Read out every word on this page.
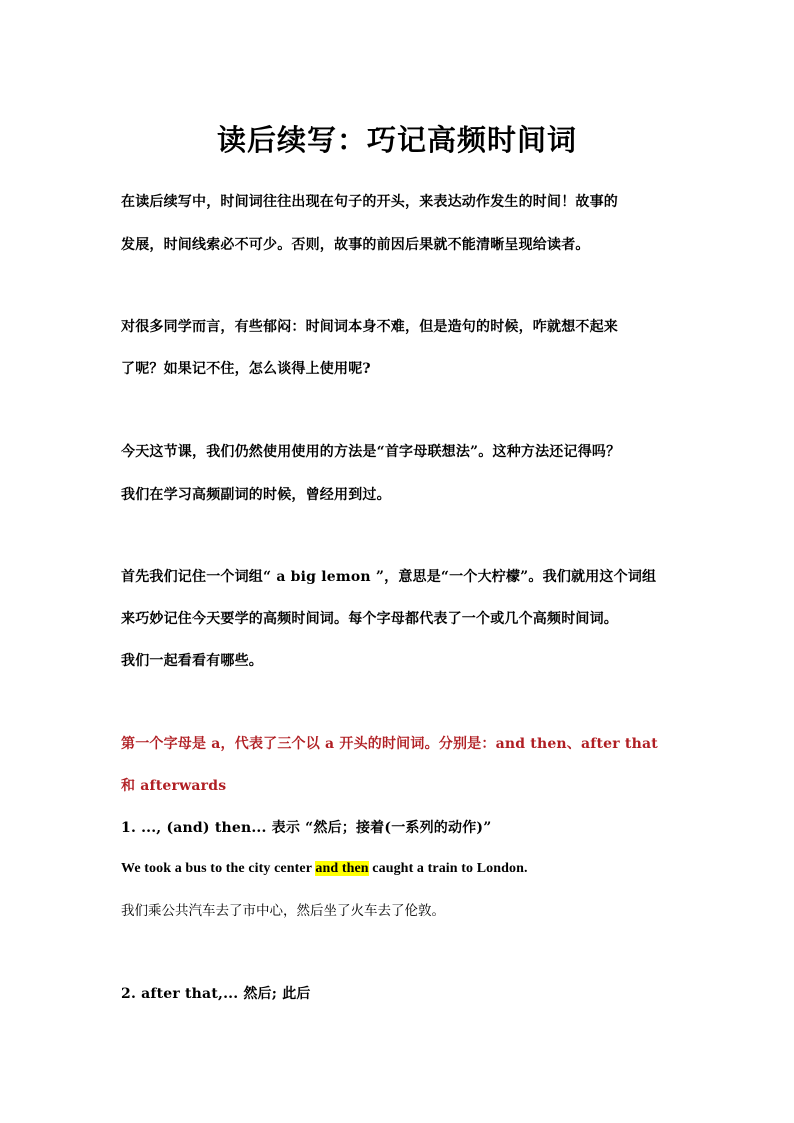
读后续写：巧记高频时间词
在读后续写中，时间词往往出现在句子的开头，来表达动作发生的时间！故事的
发展，时间线索必不可少。否则，故事的前因后果就不能清晰呈现给读者。
对很多同学而言，有些郁闷：时间词本身不难，但是造句的时候，咋就想不起来
了呢？如果记不住，怎么谈得上使用呢?
今天这节课，我们仍然使用使用的方法是“首字母联想法”。这种方法还记得吗？
我们在学习高频副词的时候，曾经用到过。
首先我们记住一个词组“ a big lemon ”，意思是“一个大柠檬”。我们就用这个词组
来巧妙记住今天要学的高频时间词。每个字母都代表了一个或几个高频时间词。
我们一起看看有哪些。
第一个字母是 a，代表了三个以 a 开头的时间词。分别是：and then、after that
和 afterwards
1. ..., (and) then... 表示 “然后；接着(一系列的动作)”
We took a bus to the city center and then caught a train to London.
我们乘公共汽车去了市中心，然后坐了火车去了伦敦。
2. after that,... 然后; 此后
